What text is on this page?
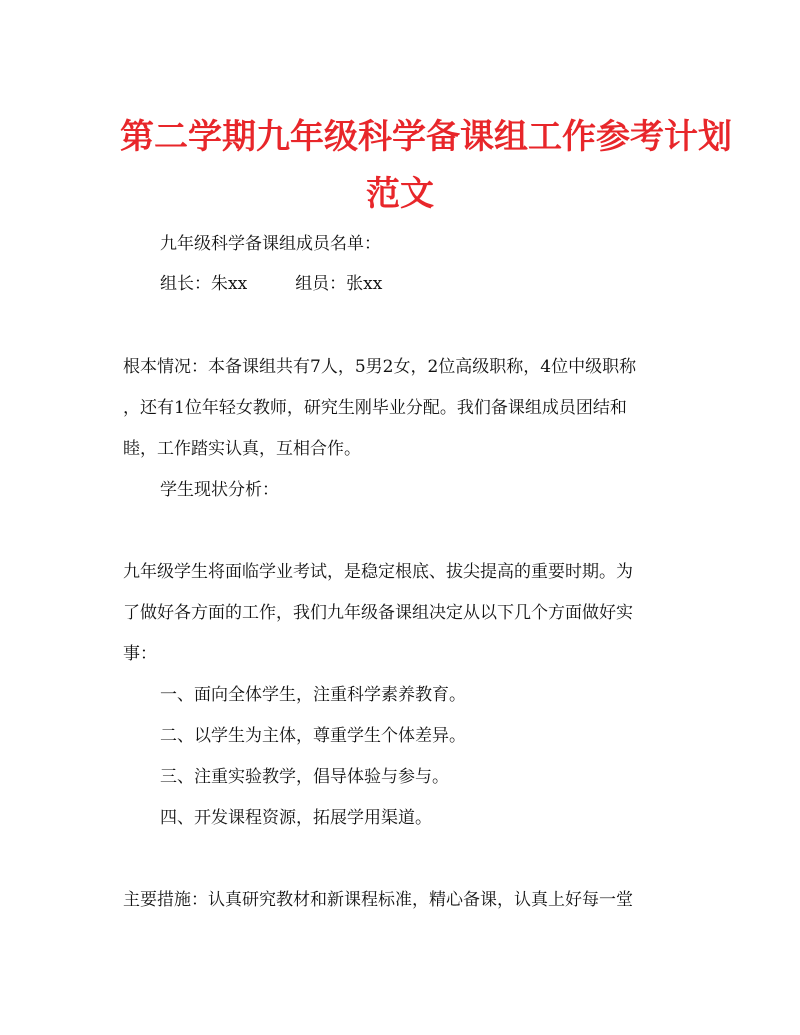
第二学期九年级科学备课组工作参考计划
范文
九年级科学备课组成员名单：
组长：朱xx	组员：张xx
根本情况：本备课组共有7人，5男2女，2位高级职称，4位中级职称
，还有1位年轻女教师，研究生刚毕业分配。我们备课组成员团结和
睦，工作踏实认真，互相合作。
学生现状分析：
九年级学生将面临学业考试，是稳定根底、拔尖提高的重要时期。为
了做好各方面的工作，我们九年级备课组决定从以下几个方面做好实
事：
一、面向全体学生，注重科学素养教育。
二、以学生为主体，尊重学生个体差异。
三、注重实验教学，倡导体验与参与。
四、开发课程资源，拓展学用渠道。
主要措施：认真研究教材和新课程标准，精心备课，认真上好每一堂
